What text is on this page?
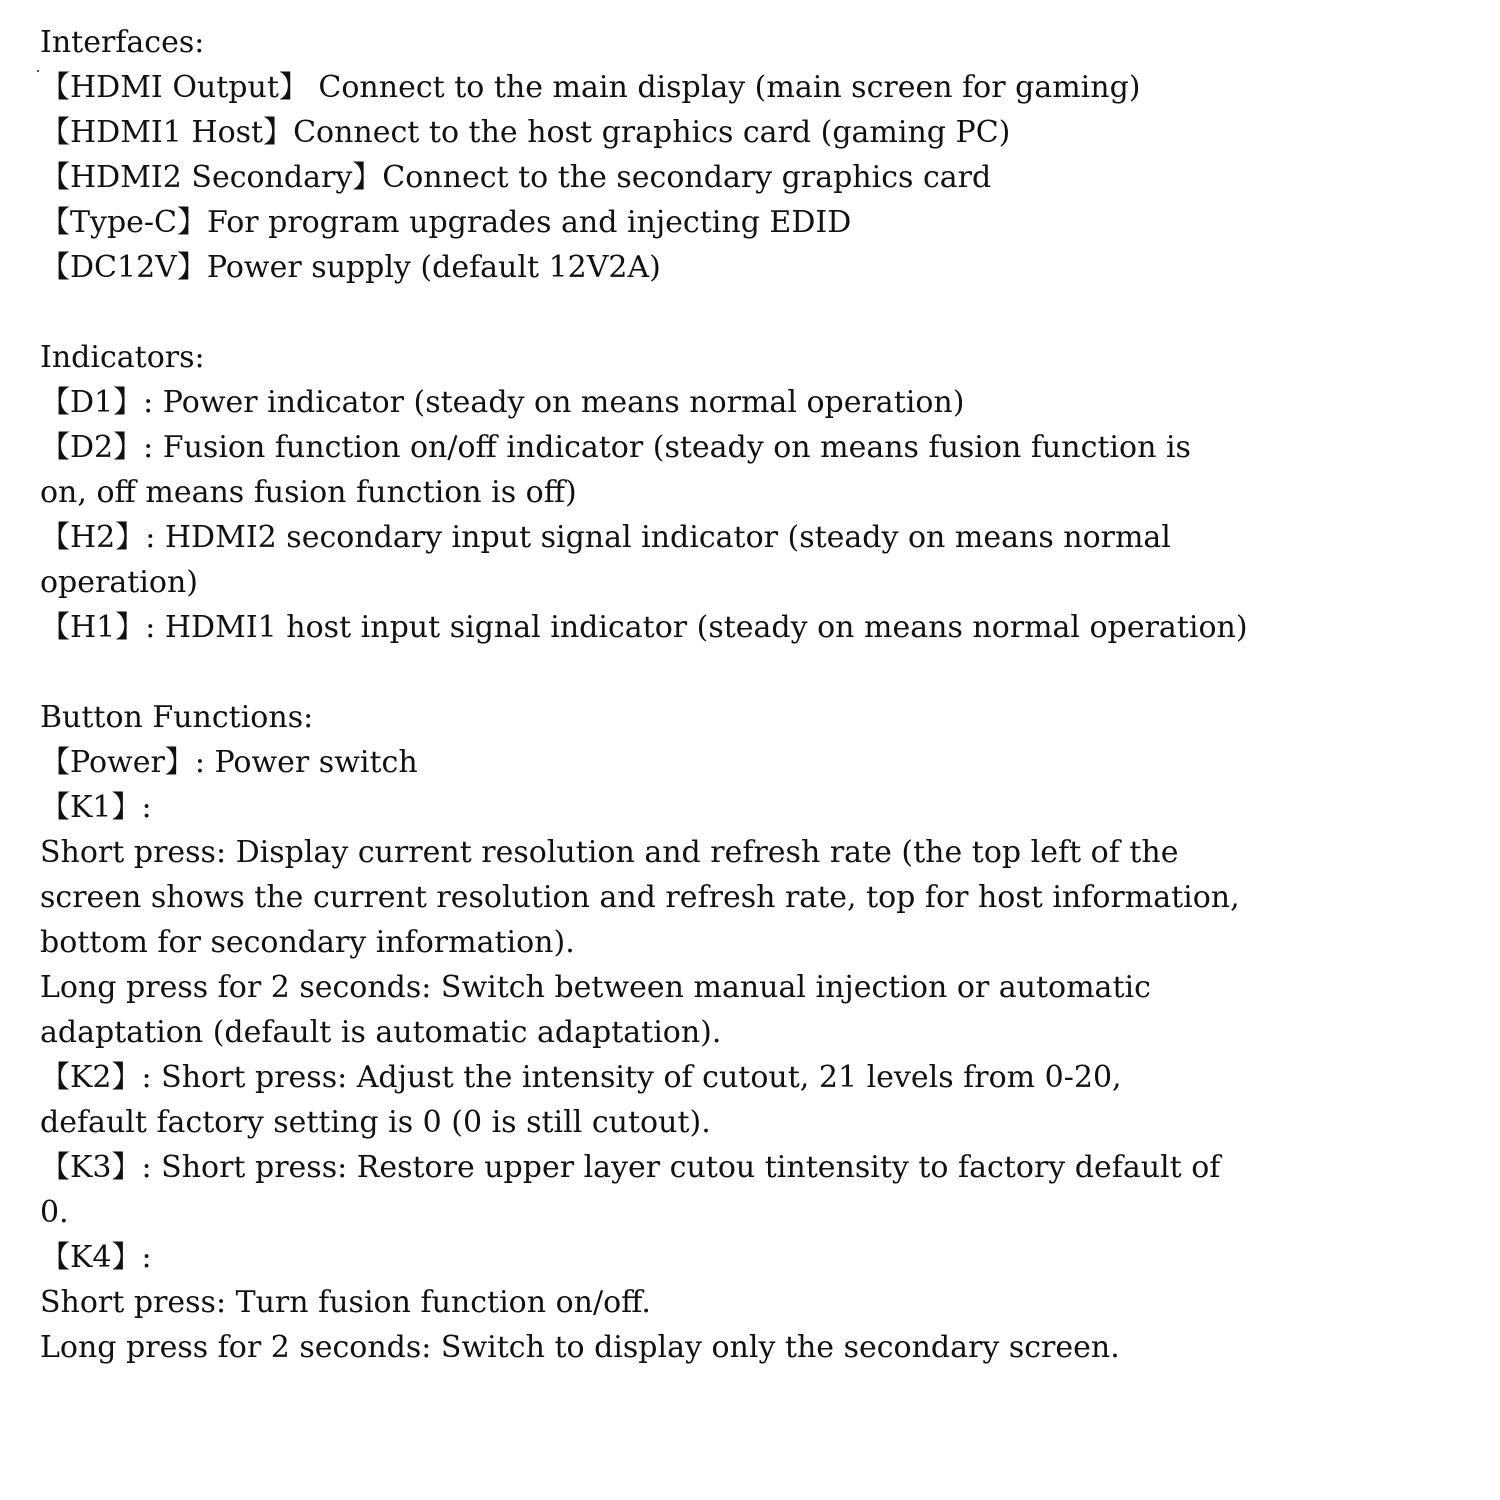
Interfaces:
【HDMI Output】 Connect to the main display (main screen for gaming)
【HDMI1 Host】Connect to the host graphics card (gaming PC)
【HDMI2 Secondary】Connect to the secondary graphics card
【Type-C】For program upgrades and injecting EDID
【DC12V】Power supply (default 12V2A)
Indicators:
【D1】: Power indicator (steady on means normal operation)
【D2】: Fusion function on/off indicator (steady on means fusion function is
on, off means fusion function is off)
【H2】: HDMI2 secondary input signal indicator (steady on means normal
operation)
【H1】: HDMI1 host input signal indicator (steady on means normal operation)
Button Functions:
【Power】: Power switch
【K1】:
Short press: Display current resolution and refresh rate (the top left of the
screen shows the current resolution and refresh rate, top for host information,
bottom for secondary information).
Long press for 2 seconds: Switch between manual injection or automatic
adaptation (default is automatic adaptation).
【K2】: Short press: Adjust the intensity of cutout, 21 levels from 0-20,
default factory setting is 0 (0 is still cutout).
【K3】: Short press: Restore upper layer cutou tintensity to factory default of
0.
【K4】:
Short press: Turn fusion function on/off.
Long press for 2 seconds: Switch to display only the secondary screen.
